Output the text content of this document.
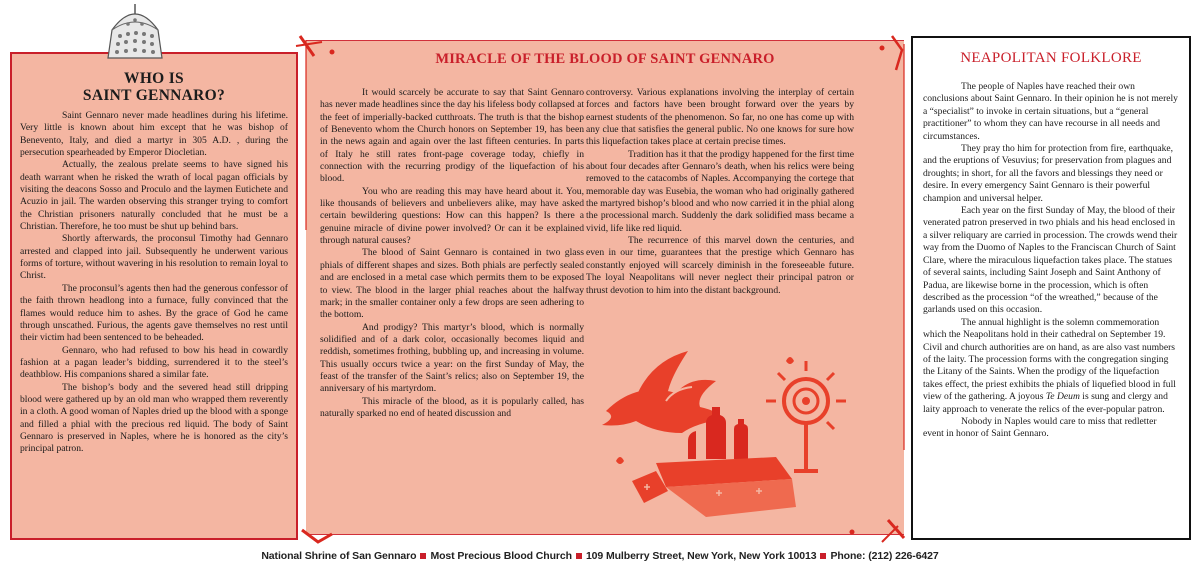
WHO IS
SAINT GENNARO?

Saint Gennaro never made headlines during his lifetime. Very little is known about him except that he was bishop of Benevento, Italy, and died a martyr in 305 A.D. , during the persecution spearheaded by Emperor Diocletian.

Actually, the zealous prelate seems to have signed his death warrant when he risked the wrath of local pagan officials by visiting the deacons Sosso and Proculo and the laymen Eutichete and Acuzio in jail. The warden observing this stranger trying to comfort the Christian prisoners naturally concluded that he must be a Christian. Therefore, he too must be shut up behind bars.

Shortly afterwards, the proconsul Timothy had Gennaro arrested and clapped into jail. Subsequently he underwent various forms of torture, without wavering in his resolution to remain loyal to Christ.

The proconsul’s agents then had the generous confessor of the faith thrown headlong into a furnace, fully convinced that the flames would reduce him to ashes. By the grace of God he came through unscathed. Furious, the agents gave themselves no rest until their victim had been sentenced to be beheaded.

Gennaro, who had refused to bow his head in cowardly fashion at a pagan leader’s bidding, surrendered it to the steel’s deathblow. His companions shared a similar fate.

The bishop’s body and the severed head still dripping blood were gathered up by an old man who wrapped them reverently in a cloth. A good woman of Naples dried up the blood with a sponge and filled a phial with the precious red liquid. The body of Saint Gennaro is preserved in Naples, where he is honored as the city’s principal patron.

MIRACLE OF THE BLOOD OF SAINT GENNARO

It would scarcely be accurate to say that Saint Gennaro has never made headlines since the day his lifeless body collapsed at the feet of imperially-backed cutthroats. The truth is that the bishop of Benevento whom the Church honors on September 19, has been in the news again and again over the last fifteen centuries. In parts of Italy he still rates front-page coverage today, chiefly in connection with the recurring prodigy of the liquefaction of his blood.

You who are reading this may have heard about it. You, like thousands of believers and unbelievers alike, may have asked certain bewildering questions: How can this happen? Is there a genuine miracle of divine power involved? Or can it be explained through natural causes?

The blood of Saint Gennaro is contained in two glass phials of different shapes and sizes. Both phials are perfectly sealed and are enclosed in a metal case which permits them to be exposed to view. The blood in the larger phial reaches about the halfway mark; in the smaller container only a few drops are seen adhering to the bottom.

And prodigy? This martyr’s blood, which is normally solidified and of a dark color, occasionally becomes liquid and reddish, sometimes frothing, bubbling up, and increasing in volume. This usually occurs twice a year: on the first Sunday of May, the feast of the transfer of the Saint’s relics; also on September 19, the anniversary of his martyrdom.

This miracle of the blood, as it is popularly called, has naturally sparked no end of heated discussion and

controversy. Various explanations involving the interplay of certain forces and factors have been brought forward over the years by earnest students of the phenomenon. So far, no one has come up with any clue that satisfies the general public. No one knows for sure how this liquefaction takes place at certain precise times.

Tradition has it that the prodigy happened for the first time about four decades after Gennaro’s death, when his relics were being removed to the catacombs of Naples. Accompanying the cortege that memorable day was Eusebia, the woman who had originally gathered the martyred bishop’s blood and who now carried it in the phial along the processional march. Suddenly the dark solidified mass became a vivid, life like red liquid.

The recurrence of this marvel down the centuries, and even in our time, guarantees that the prestige which Gennaro has constantly enjoyed will scarcely diminish in the foreseeable future. The loyal Neapolitans will never neglect their principal patron or thrust devotion to him into the distant background.

NEAPOLITAN FOLKLORE

The people of Naples have reached their own conclusions about Saint Gennaro. In their opinion he is not merely a “specialist” to invoke in certain situations, but a “general practitioner” to whom they can have recourse in all needs and circumstances.

They pray tho him for protection from fire, earthquake, and the eruptions of Vesuvius; for preservation from plagues and droughts; in short, for all the favors and blessings they need or desire. In every emergency Saint Gennaro is their powerful champion and universal helper.

Each year on the first Sunday of May, the blood of their venerated patron preserved in two phials and his head enclosed in a silver reliquary are carried in procession. The crowds wend their way from the Duomo of Naples to the Franciscan Church of Saint Clare, where the miraculous liquefaction takes place. The statues of several saints, including Saint Joseph and Saint Anthony of Padua, are likewise borne in the procession, which is often described as the procession “of the wreathed,” because of the garlands used on this occasion.

The annual highlight is the solemn commemoration which the Neapolitans hold in their cathedral on September 19. Civil and church authorities are on hand, as are also vast numbers of the laity. The procession forms with the congregation singing the Litany of the Saints. When the prodigy of the liquefaction takes effect, the priest exhibits the phials of liquefied blood in full view of the gathering. A joyous Te Deum is sung and clergy and laity approach to venerate the relics of the ever-popular patron.

Nobody in Naples would care to miss that redletter event in honor of Saint Gennaro.

National Shrine of San Gennaro Most Precious Blood Church 109 Mulberry Street, New York, New York 10013 Phone: (212) 226-6427
